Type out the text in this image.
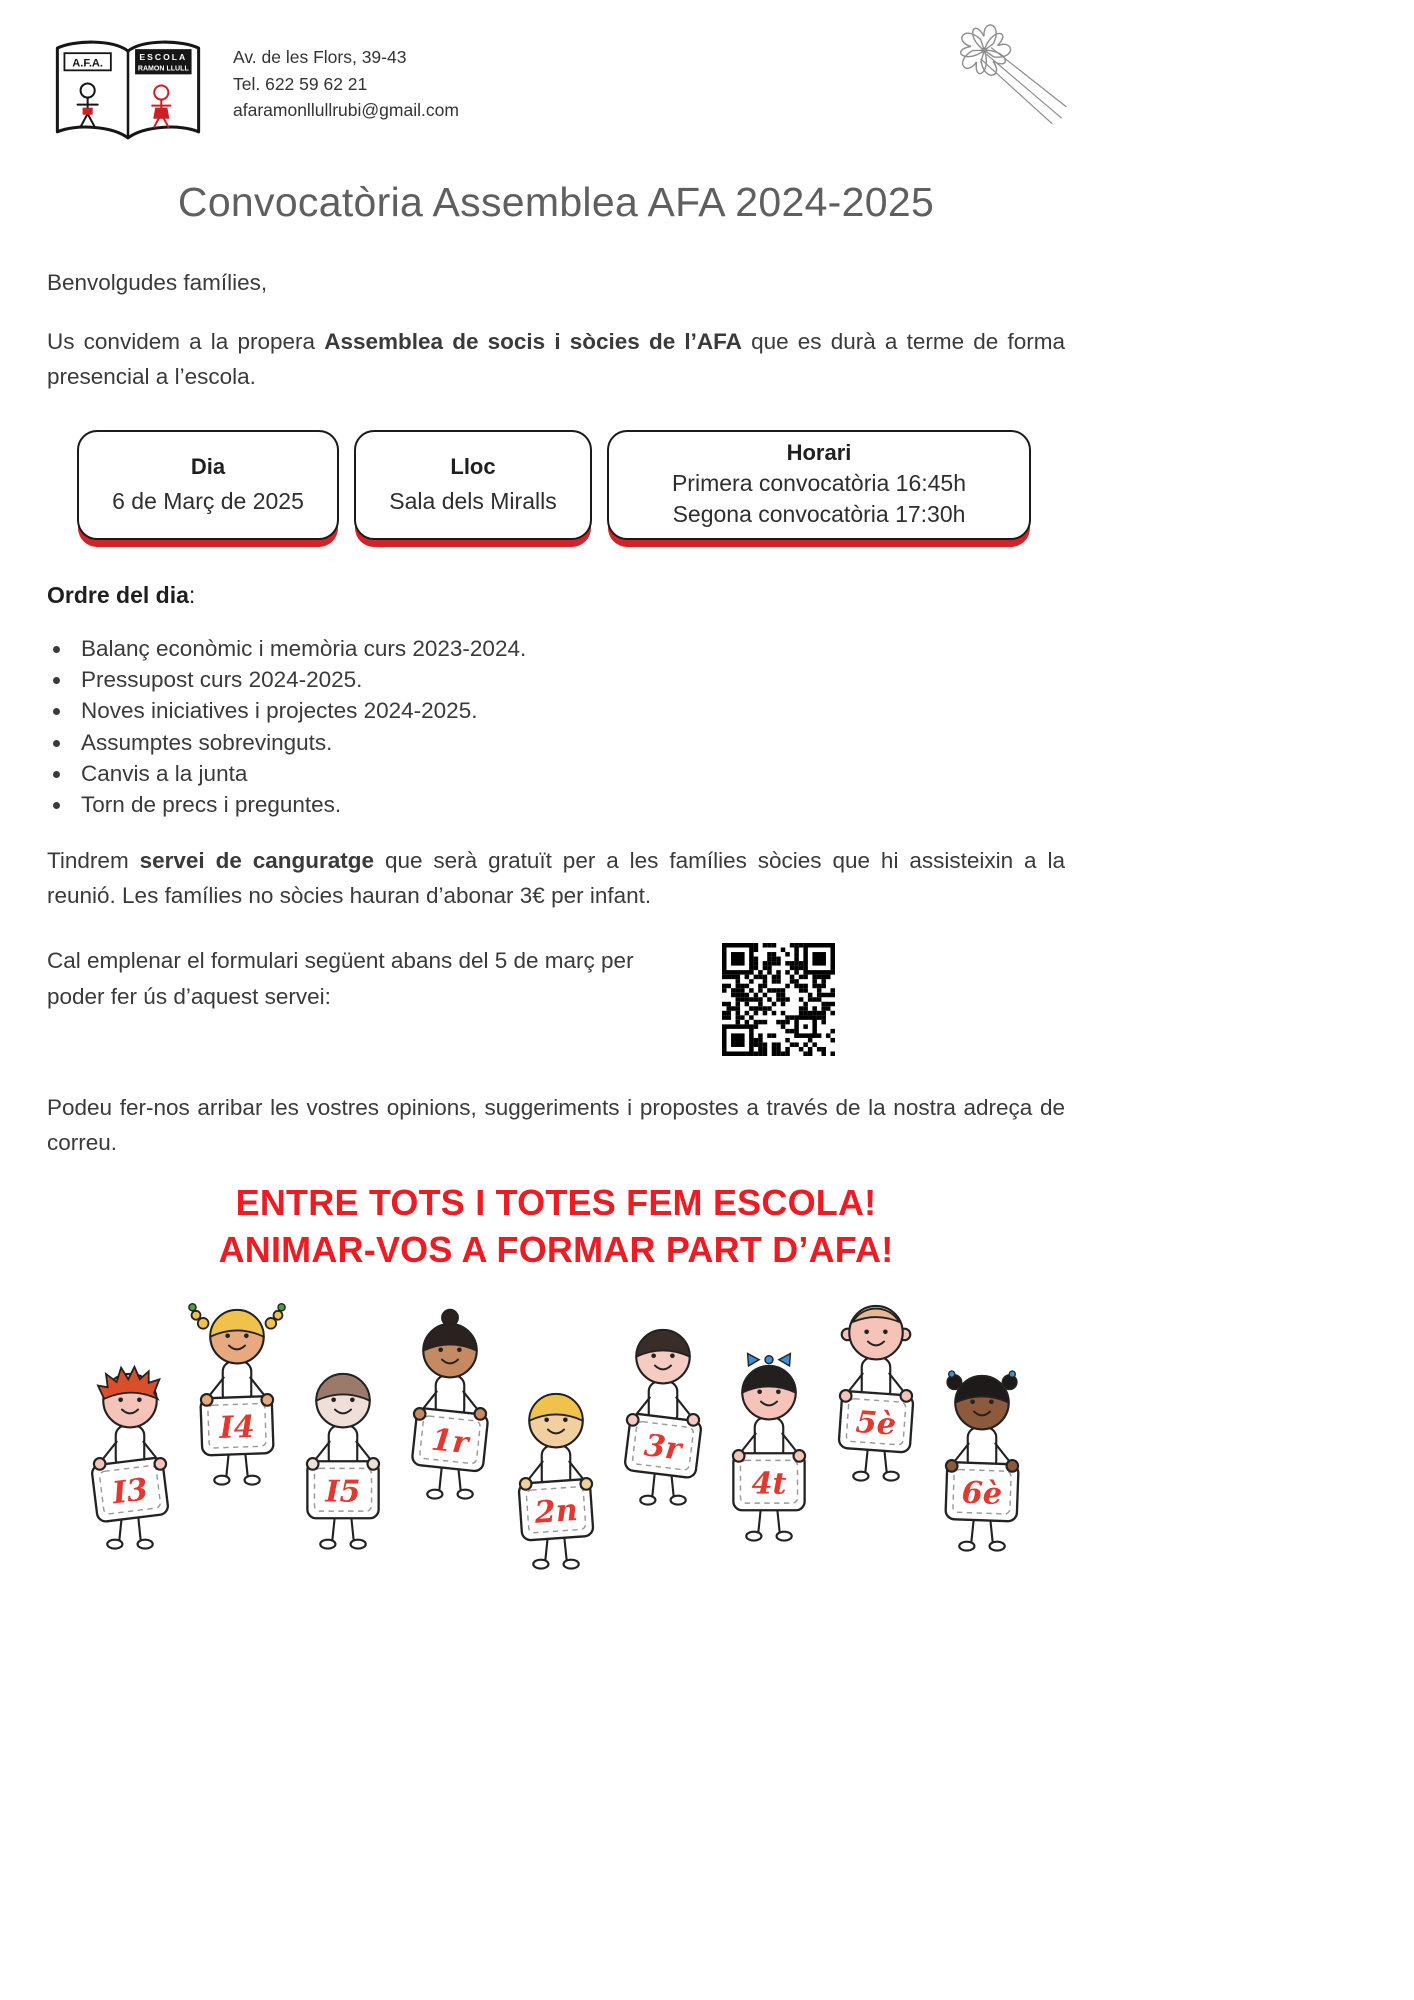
A.F.A.
ESCOLA
RAMON LLULL
Av. de les Flors, 39-43
Tel. 622 59 62 21
afaramonllullrubi@gmail.com
Convocatòria Assemblea AFA 2024-2025

Benvolgudes famílies,

Us convidem a la propera Assemblea de socis i sòcies de l’AFA que es durà a terme de forma presencial a l’escola.

Dia
6 de Març de 2025
Lloc
Sala dels Miralls
Horari
Primera convocatòria 16:45h
Segona convocatòria 17:30h
Ordre del dia:
• Balanç econòmic i memòria curs 2023-2024.
• Pressupost curs 2024-2025.
• Noves iniciatives i projectes 2024-2025.
• Assumptes sobrevinguts.
• Canvis a la junta
• Torn de precs i preguntes.

Tindrem servei de canguratge que serà gratuït per a les famílies sòcies que hi assisteixin a la reunió. Les famílies no sòcies hauran d’abonar 3€ per infant.

Cal emplenar el formulari següent abans del 5 de març per poder fer ús d’aquest servei:

Podeu fer-nos arribar les vostres opinions, suggeriments i propostes a través de la nostra adreça de correu.

ENTRE TOTS I TOTES FEM ESCOLA!
ANIMAR-VOS A FORMAR PART D’AFA!
I3
I4
I5
1r
2n
3r
4t
5è
6è
